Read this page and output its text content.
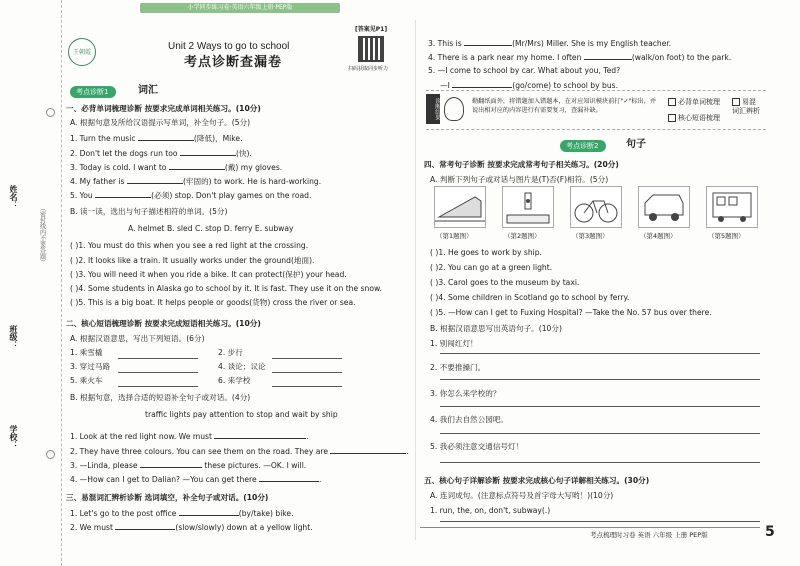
小学同步练习卷·英语六年级上册·PEP版
姓名：
班级：
学校：
（密封线内不要答题）
王朝霞
Unit 2 Ways to go to school
考点诊断查漏卷
[答案见P1]
扫码获取同步听力
考点诊断1	词汇
一、必背单词梳理诊断 按要求完成单词相关练习。(10分)
A. 根据句意及所给汉语提示写单词，补全句子。(5分)
1. Turn the music	(降低)，Mike.
2. Don't let the dogs run too	(快).
3. Today is cold. I want to	(戴) my gloves.
4. My father is	(牢固的) to work. He is hard-working.
5. You	(必须) stop. Don't play games on the road.
B. 读一读，选出与句子描述相符的单词。(5分)
A. helmet B. sled C. stop D. ferry E. subway
( )1. You must do this when you see a red light at the crossing.
( )2. It looks like a train. It usually works under the ground(地面).
( )3. You will need it when you ride a bike. It can protect(保护) your head.
( )4. Some students in Alaska go to school by it. It is fast. They use it on the snow.
( )5. This is a big boat. It helps people or goods(货物) cross the river or sea.
二、核心短语梳理诊断 按要求完成短语相关练习。(10分)
A. 根据汉语意思，写出下列短语。(6分)
1. 乘雪橇	2. 步行
3. 穿过马路	4. 谈论；议论
5. 乘火车	6. 来学校
B. 根据句意，选择合适的短语补全句子或对话。(4分)
traffic lights pay attention to stop and wait by ship
1. Look at the red light now. We must	.
2. They have three colours. You can see them on the road. They are	.
3. —Linda, please	these pictures. —OK. I will.
4. —How can I get to Dalian? —You can get there	.
三、易混词汇辨析诊断 选词填空，补全句子或对话。(10分)
1. Let's go to the post office	(by/take) bike.
2. We must	(slow/slowly) down at a yellow light.
3. This is	(Mr/Mrs) Miller. She is my English teacher.
4. There is a park near my home. I often	(walk/on foot) to the park.
5. —I come to school by car. What about you, Ted?
—I	(go/come) to school by bus.
诊断结果	勤翻纸面外，将错题加入错题本，在对应知识模块前打"✓"标出，并说出相对应的内容进行有需要复习，查漏补缺。
必背单词梳理
核心短语梳理
易混词汇辨析
考点诊断2	句子
四、常考句子诊断 按要求完成常考句子相关练习。(20分)
A. 判断下列句子或对话与图片是(T)否(F)相符。(5分)
（第1题图）	（第2题图）	（第3题图）	（第4题图）	（第5题图）
( )1. He goes to work by ship.
( )2. You can go at a green light.
( )3. Carol goes to the museum by taxi.
( )4. Some children in Scotland go to school by ferry.
( )5. —How can I get to Fuxing Hospital? —Take the No. 57 bus over there.
B. 根据汉语意思写出英语句子。(10分)
1. 别闯红灯！
2. 不要推搡门。
3. 你怎么来学校的？
4. 我们去自然公园吧。
5. 我必须注意交通信号灯！
五、核心句子详解诊断 按要求完成核心句子详解相关练习。(30分)
A. 连词成句。(注意标点符号及首字母大写哟！)(10分)
1. run, the, on, don't, subway(.)
考点梳理时习卷 英语 六年级 上册 PEP版	5
